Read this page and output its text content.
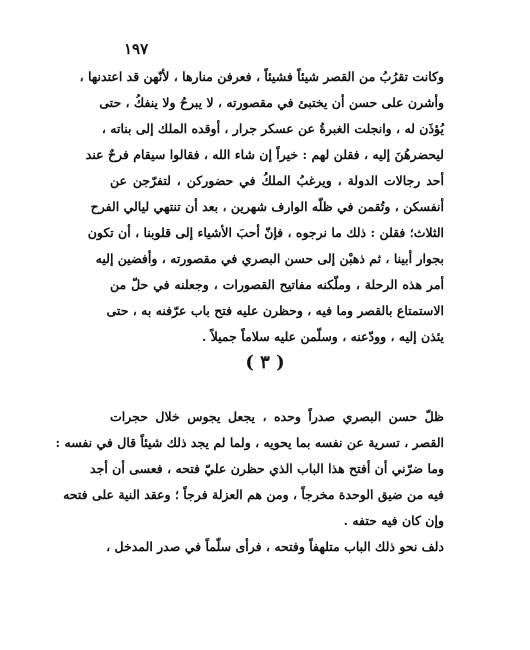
١٩٧
وكانت تقرُبُ من القصر شيئاً فشيئاً ، فعرفن منارها ، لأنّهن قد اعتدنها ،
وأشرن على حسن أن يختبئ في مقصورته ، لا يبرحُ ولا ينفكُ ، حتى
يُؤذَن له ، وانجلت الغبرةُ عن عسكر جرار ، أوقده الملك إلى بناته ،
ليحضرهُنَ إليه ، فقلن لهم : خيراً إن شاء الله ، فقالوا سيقام فرحٌ عند
أحد رجالات الدولة ، ويرغبُ الملكُ في حضوركن ، لتفرّجن عن
أنفسكن ، وتُقمن في ظلّه الوارف شهرين ، بعد أن تنتهي ليالي الفرح
الثلاث؛ فقلن : ذلك ما نرجوه ، فإنّ أحبَ الأشياء إلى قلوبنا ، أن تكون
بجوار أبينا ، ثم ذهبْن إلى حسن البصري في مقصورته ، وأفضين إليه
أمر هذه الرحلة ، وملّكنه مفاتيح القصورات ، وجعلنه في حلّ من
الاستمتاع بالقصر وما فيه ، وحظرن عليه فتح باب عرّفنه به ، حتى
يئذن إليه ، وودّعنه ، وسلّمن عليه سلاماً جميلاً .
( ٣ )
ظلّ حسن البصري صدراً وحده ، يجعل يجوس خلال حجرات
القصر ، تسرية عن نفسه بما يحويه ، ولما لم يجد ذلك شيئاً قال في نفسه :
وما ضرّني أن أفتح هذا الباب الذي حظرن عليّ فتحه ، فعسى أن أجد
فيه من ضيق الوحدة مخرجاً ، ومن هم العزلة فرجاً ؛ وعقد النية على فتحه
وإن كان فيه حتفه .
دلف نحو ذلك الباب متلهفاً وفتحه ، فرأى سلّماً في صدر المدخل ،
